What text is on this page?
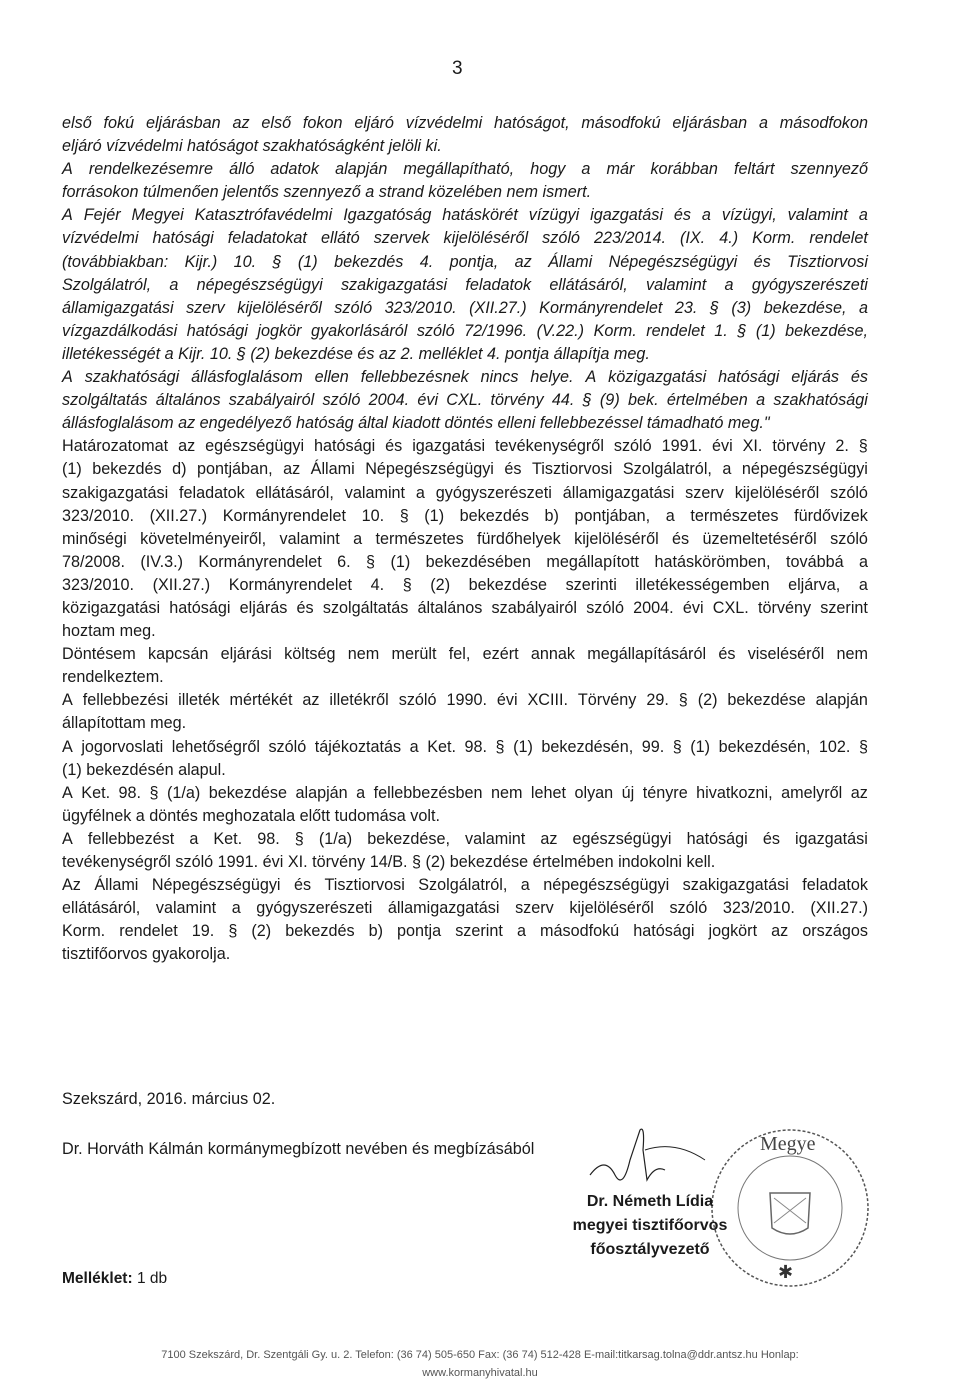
3
első fokú eljárásban az első fokon eljáró vízvédelmi hatóságot, másodfokú eljárásban a másodfokon
eljáró vízvédelmi hatóságot szakhatóságként jelöli ki.
A rendelkezésemre álló adatok alapján megállapítható, hogy a már korábban feltárt szennyező
forrásokon túlmenően jelentős szennyező a strand közelében nem ismert.
A Fejér Megyei Katasztrófavédelmi Igazgatóság hatáskörét vízügyi igazgatási és a vízügyi, valamint a
vízvédelmi hatósági feladatokat ellátó szervek kijelöléséről szóló 223/2014. (IX. 4.) Korm. rendelet
(továbbiakban: Kijr.) 10. § (1) bekezdés 4. pontja, az Állami Népegészségügyi és Tisztiorvosi
Szolgálatról, a népegészségügyi szakigazgatási feladatok ellátásáról, valamint a gyógyszerészeti
államigazgatási szerv kijelöléséről szóló 323/2010. (XII.27.) Kormányrendelet 23. § (3) bekezdése, a
vízgazdálkodási hatósági jogkör gyakorlásáról szóló 72/1996. (V.22.) Korm. rendelet 1. § (1) bekezdése,
illetékességét a Kijr. 10. § (2) bekezdése és az 2. melléklet 4. pontja állapítja meg.
A szakhatósági állásfoglalásom ellen fellebbezésnek nincs helye. A közigazgatási hatósági eljárás és
szolgáltatás általános szabályairól szóló 2004. évi CXL. törvény 44. § (9) bek. értelmében a szakhatósági
állásfoglalásom az engedélyező hatóság által kiadott döntés elleni fellebbezéssel támadható meg."
Határozatomat az egészségügyi hatósági és igazgatási tevékenységről szóló 1991. évi XI. törvény 2. §
(1) bekezdés d) pontjában, az Állami Népegészségügyi és Tisztiorvosi Szolgálatról, a népegészségügyi
szakigazgatási feladatok ellátásáról, valamint a gyógyszerészeti államigazgatási szerv kijelöléséről szóló
323/2010. (XII.27.) Kormányrendelet 10. § (1) bekezdés b) pontjában, a természetes fürdővizek
minőségi követelményeiről, valamint a természetes fürdőhelyek kijelöléséről és üzemeltetéséről szóló
78/2008. (IV.3.) Kormányrendelet 6. § (1) bekezdésében megállapított hatáskörömben, továbbá a
323/2010. (XII.27.) Kormányrendelet 4. § (2) bekezdése szerinti illetékességemben eljárva, a
közigazgatási hatósági eljárás és szolgáltatás általános szabályairól szóló 2004. évi CXL. törvény szerint
hoztam meg.
Döntésem kapcsán eljárási költség nem merült fel, ezért annak megállapításáról és viseléséről nem
rendelkeztem.
A fellebbezési illeték mértékét az illetékről szóló 1990. évi XCIII. Törvény 29. § (2) bekezdése alapján
állapítottam meg.
A jogorvoslati lehetőségről szóló tájékoztatás a Ket. 98. § (1) bekezdésén, 99. § (1) bekezdésén, 102. §
(1) bekezdésén alapul.
A Ket. 98. § (1/a) bekezdése alapján a fellebbezésben nem lehet olyan új tényre hivatkozni, amelyről az
ügyfélnek a döntés meghozatala előtt tudomása volt.
A fellebbezést a Ket. 98. § (1/a) bekezdése, valamint az egészségügyi hatósági és igazgatási
tevékenységről szóló 1991. évi XI. törvény 14/B. § (2) bekezdése értelmében indokolni kell.
Az Állami Népegészségügyi és Tisztiorvosi Szolgálatról, a népegészségügyi szakigazgatási feladatok
ellátásáról, valamint a gyógyszerészeti államigazgatási szerv kijelöléséről szóló 323/2010. (XII.27.)
Korm. rendelet 19. § (2) bekezdés b) pontja szerint a másodfokú hatósági jogkört az országos
tisztifőorvos gyakorolja.
Szekszárd, 2016. március 02.
Dr. Horváth Kálmán kormánymegbízott nevében és megbízásából	Megye
✱
Dr. Németh Lídia
megyei tisztifőorvos
főosztályvezető
Melléklet: 1 db
7100 Szekszárd, Dr. Szentgáli Gy. u. 2. Telefon: (36 74) 505-650 Fax: (36 74) 512-428 E-mail:titkarsag.tolna@ddr.antsz.hu Honlap:
www.kormanyhivatal.hu
